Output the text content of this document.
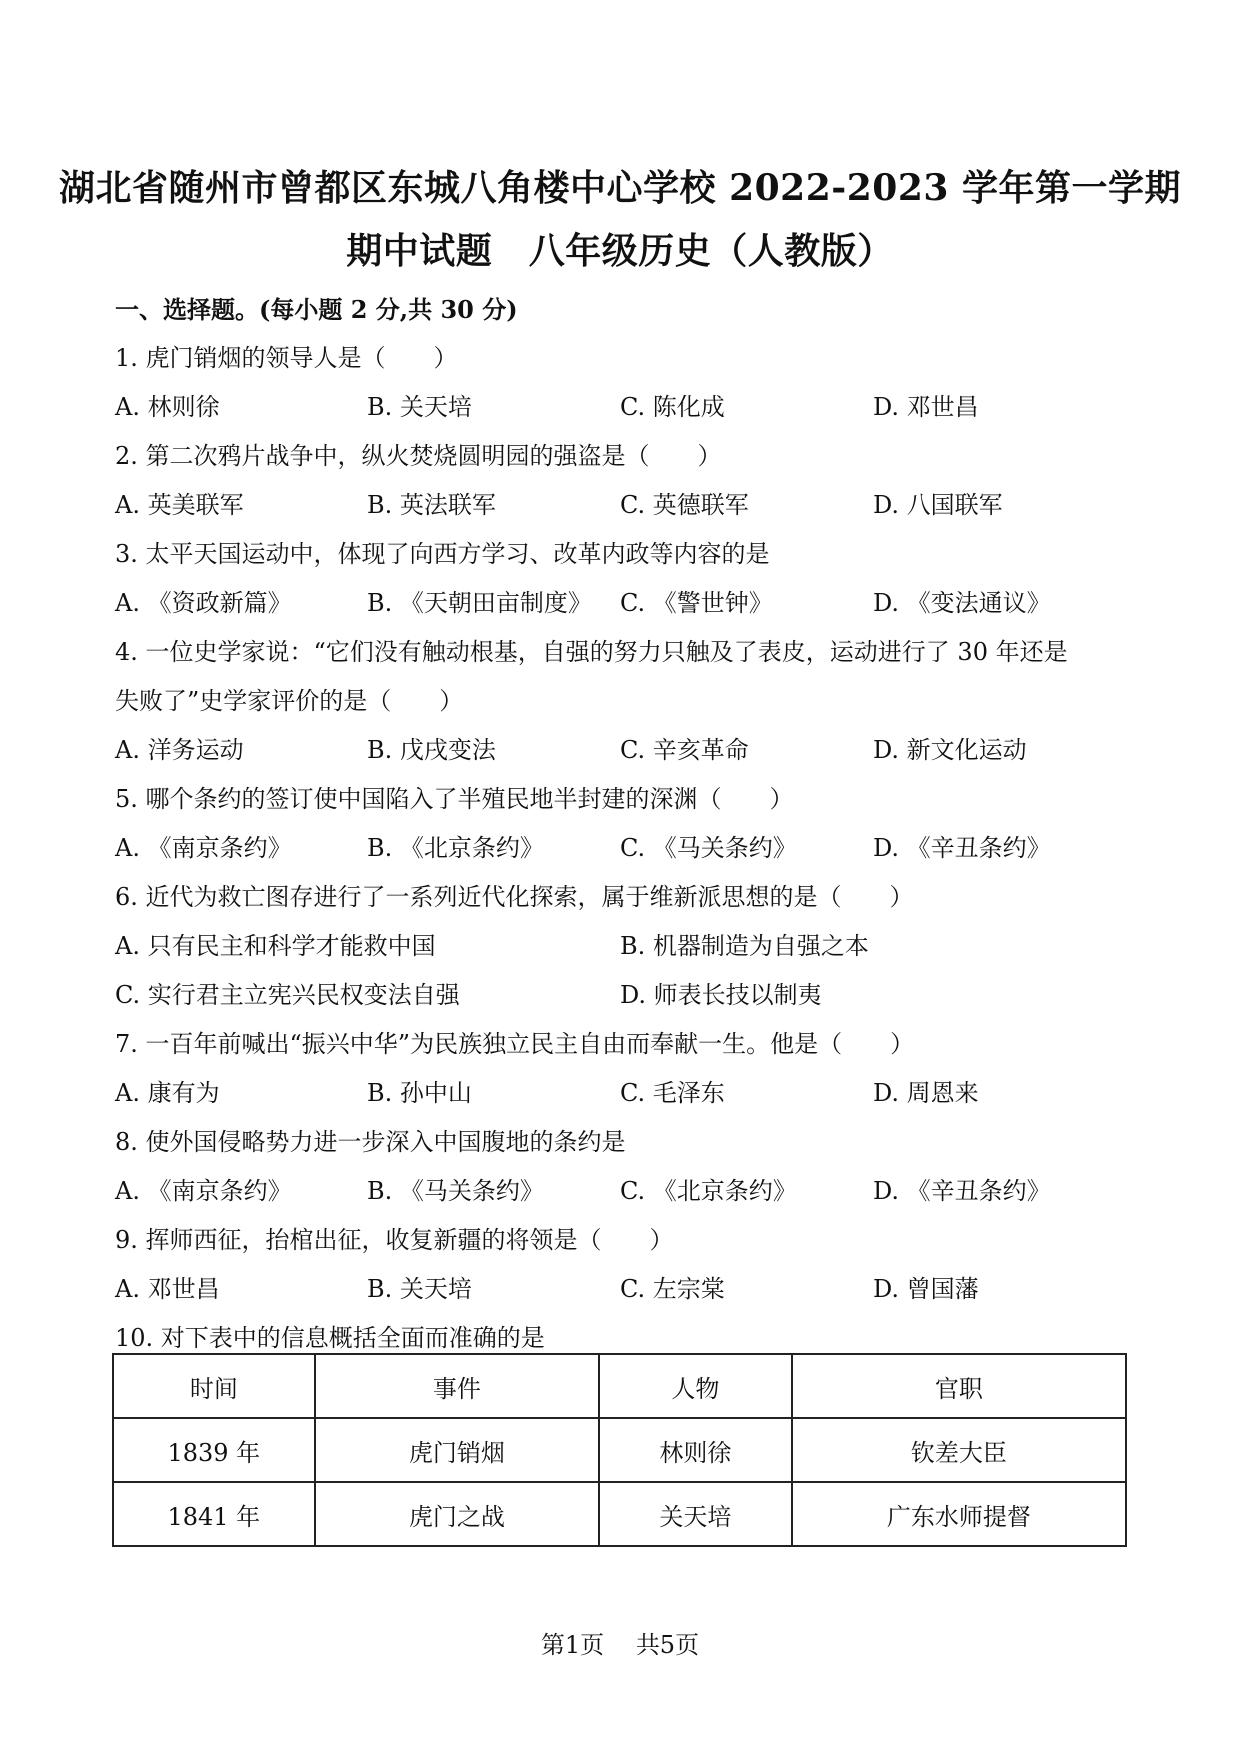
湖北省随州市曾都区东城八角楼中心学校 2022-2023 学年第一学期
期中试题　八年级历史（人教版）
一、选择题。(每小题 2 分,共 30 分)
1. 虎门销烟的领导人是（　　）
A. 林则徐	B. 关天培	C. 陈化成	D. 邓世昌
2. 第二次鸦片战争中，纵火焚烧圆明园的强盗是（　　）
A. 英美联军	B. 英法联军	C. 英德联军	D. 八国联军
3. 太平天国运动中，体现了向西方学习、改革内政等内容的是
A. 《资政新篇》	B. 《天朝田亩制度》 C. 《警世钟》	D. 《变法通议》
4. 一位史学家说：“它们没有触动根基，自强的努力只触及了表皮，运动进行了 30 年还是
失败了”史学家评价的是（　　）
A. 洋务运动	B. 戊戌变法	C. 辛亥革命	D. 新文化运动
5. 哪个条约的签订使中国陷入了半殖民地半封建的深渊（　　）
A. 《南京条约》	B. 《北京条约》	C. 《马关条约》	D. 《辛丑条约》
6. 近代为救亡图存进行了一系列近代化探索，属于维新派思想的是（　　）
A. 只有民主和科学才能救中国	B. 机器制造为自强之本
C. 实行君主立宪兴民权变法自强	D. 师表长技以制夷
7. 一百年前喊出“振兴中华”为民族独立民主自由而奉献一生。他是（　　）
A. 康有为	B. 孙中山	C. 毛泽东	D. 周恩来
8. 使外国侵略势力进一步深入中国腹地的条约是
A. 《南京条约》	B. 《马关条约》	C. 《北京条约》	D. 《辛丑条约》
9. 挥师西征，抬棺出征，收复新疆的将领是（　　）
A. 邓世昌	B. 关天培	C. 左宗棠	D. 曾国藩
10. 对下表中的信息概括全面而准确的是
时间	事件	人物	官职
1839 年	虎门销烟	林则徐	钦差大臣
1841 年	虎门之战	关天培	广东水师提督
第1页 共5页
